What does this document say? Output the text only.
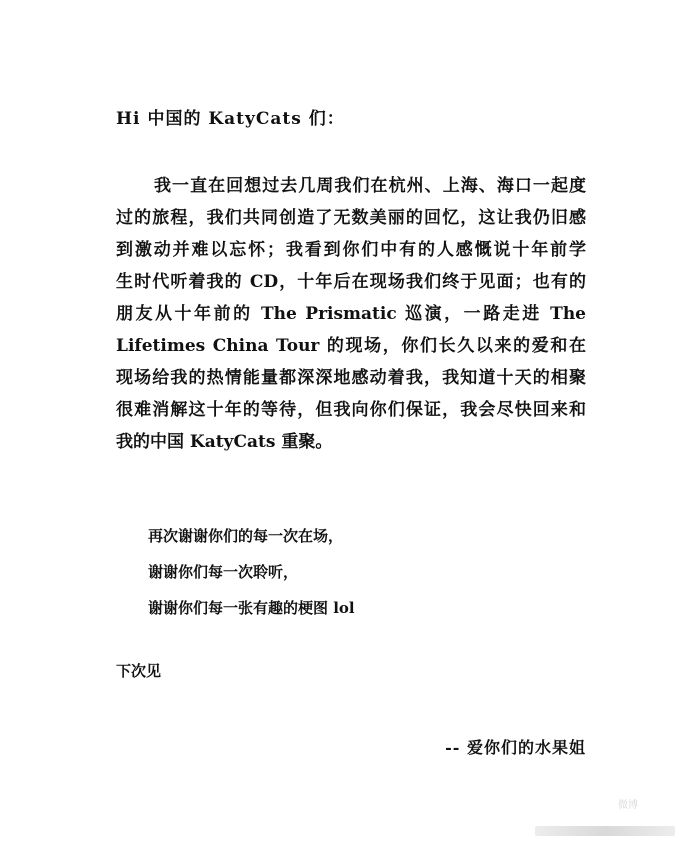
Hi 中国的 KatyCats 们：
我一直在回想过去几周我们在杭州、上海、海口一起度
过的旅程，我们共同创造了无数美丽的回忆，这让我仍旧感
到激动并难以忘怀；我看到你们中有的人感慨说十年前学
生时代听着我的 CD，十年后在现场我们终于见面；也有的
朋友从十年前的 The Prismatic 巡演，一路走进 The
Lifetimes China Tour 的现场，你们长久以来的爱和在
现场给我的热情能量都深深地感动着我，我知道十天的相聚
很难消解这十年的等待，但我向你们保证，我会尽快回来和
我的中国 KatyCats 重聚。
再次谢谢你们的每一次在场，
谢谢你们每一次聆听，
谢谢你们每一张有趣的梗图 lol
下次见
-- 爱你们的水果姐
微博
